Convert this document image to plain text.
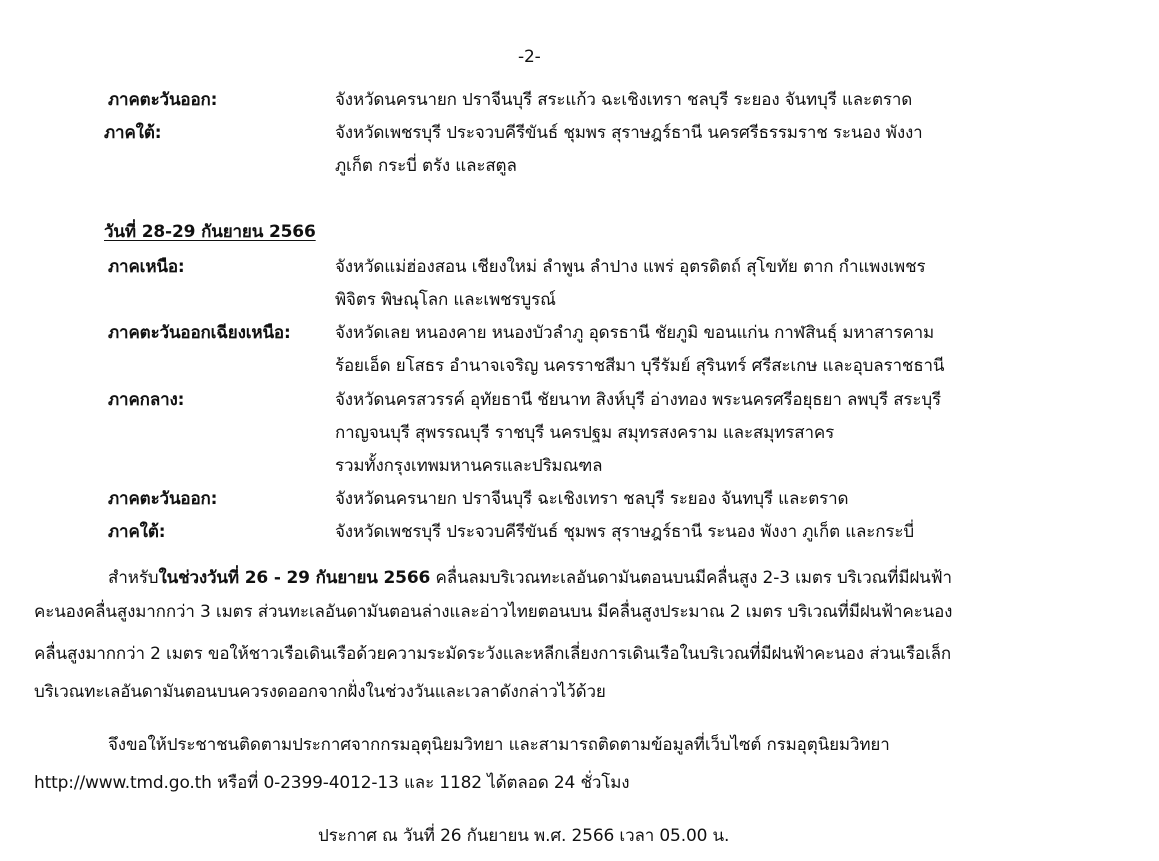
-2-
ภาคตะวันออก:	จังหวัดนครนายก ปราจีนบุรี สระแก้ว ฉะเชิงเทรา ชลบุรี ระยอง จันทบุรี และตราด
ภาคใต้:	จังหวัดเพชรบุรี ประจวบคีรีขันธ์ ชุมพร สุราษฎร์ธานี นครศรีธรรมราช ระนอง พังงา
ภูเก็ต กระบี่ ตรัง และสตูล
วันที่ 28-29 กันยายน 2566
ภาคเหนือ:	จังหวัดแม่ฮ่องสอน เชียงใหม่ ลำพูน ลำปาง แพร่ อุตรดิตถ์ สุโขทัย ตาก กำแพงเพชร
พิจิตร พิษณุโลก และเพชรบูรณ์
ภาคตะวันออกเฉียงเหนือ:	จังหวัดเลย หนองคาย หนองบัวลำภู อุดรธานี ชัยภูมิ ขอนแก่น กาฬสินธุ์ มหาสารคาม
ร้อยเอ็ด ยโสธร อำนาจเจริญ นครราชสีมา บุรีรัมย์ สุรินทร์ ศรีสะเกษ และอุบลราชธานี
ภาคกลาง:	จังหวัดนครสวรรค์ อุทัยธานี ชัยนาท สิงห์บุรี อ่างทอง พระนครศรีอยุธยา ลพบุรี สระบุรี
กาญจนบุรี สุพรรณบุรี ราชบุรี นครปฐม สมุทรสงคราม และสมุทรสาคร
รวมทั้งกรุงเทพมหานครและปริมณฑล
ภาคตะวันออก:	จังหวัดนครนายก ปราจีนบุรี ฉะเชิงเทรา ชลบุรี ระยอง จันทบุรี และตราด
ภาคใต้:	จังหวัดเพชรบุรี ประจวบคีรีขันธ์ ชุมพร สุราษฎร์ธานี ระนอง พังงา ภูเก็ต และกระบี่
สำหรับในช่วงวันที่ 26 - 29 กันยายน 2566 คลื่นลมบริเวณทะเลอันดามันตอนบนมีคลื่นสูง 2-3 เมตร บริเวณที่มีฝนฟ้า
คะนองคลื่นสูงมากกว่า 3 เมตร ส่วนทะเลอันดามันตอนล่างและอ่าวไทยตอนบน มีคลื่นสูงประมาณ 2 เมตร บริเวณที่มีฝนฟ้าคะนอง
คลื่นสูงมากกว่า 2 เมตร ขอให้ชาวเรือเดินเรือด้วยความระมัดระวังและหลีกเลี่ยงการเดินเรือในบริเวณที่มีฝนฟ้าคะนอง ส่วนเรือเล็ก
บริเวณทะเลอันดามันตอนบนควรงดออกจากฝั่งในช่วงวันและเวลาดังกล่าวไว้ด้วย
จึงขอให้ประชาชนติดตามประกาศจากกรมอุตุนิยมวิทยา และสามารถติดตามข้อมูลที่เว็บไซต์ กรมอุตุนิยมวิทยา
http://www.tmd.go.th หรือที่ 0-2399-4012-13 และ 1182 ได้ตลอด 24 ชั่วโมง
ประกาศ ณ วันที่ 26 กันยายน พ.ศ. 2566 เวลา 05.00 น.
